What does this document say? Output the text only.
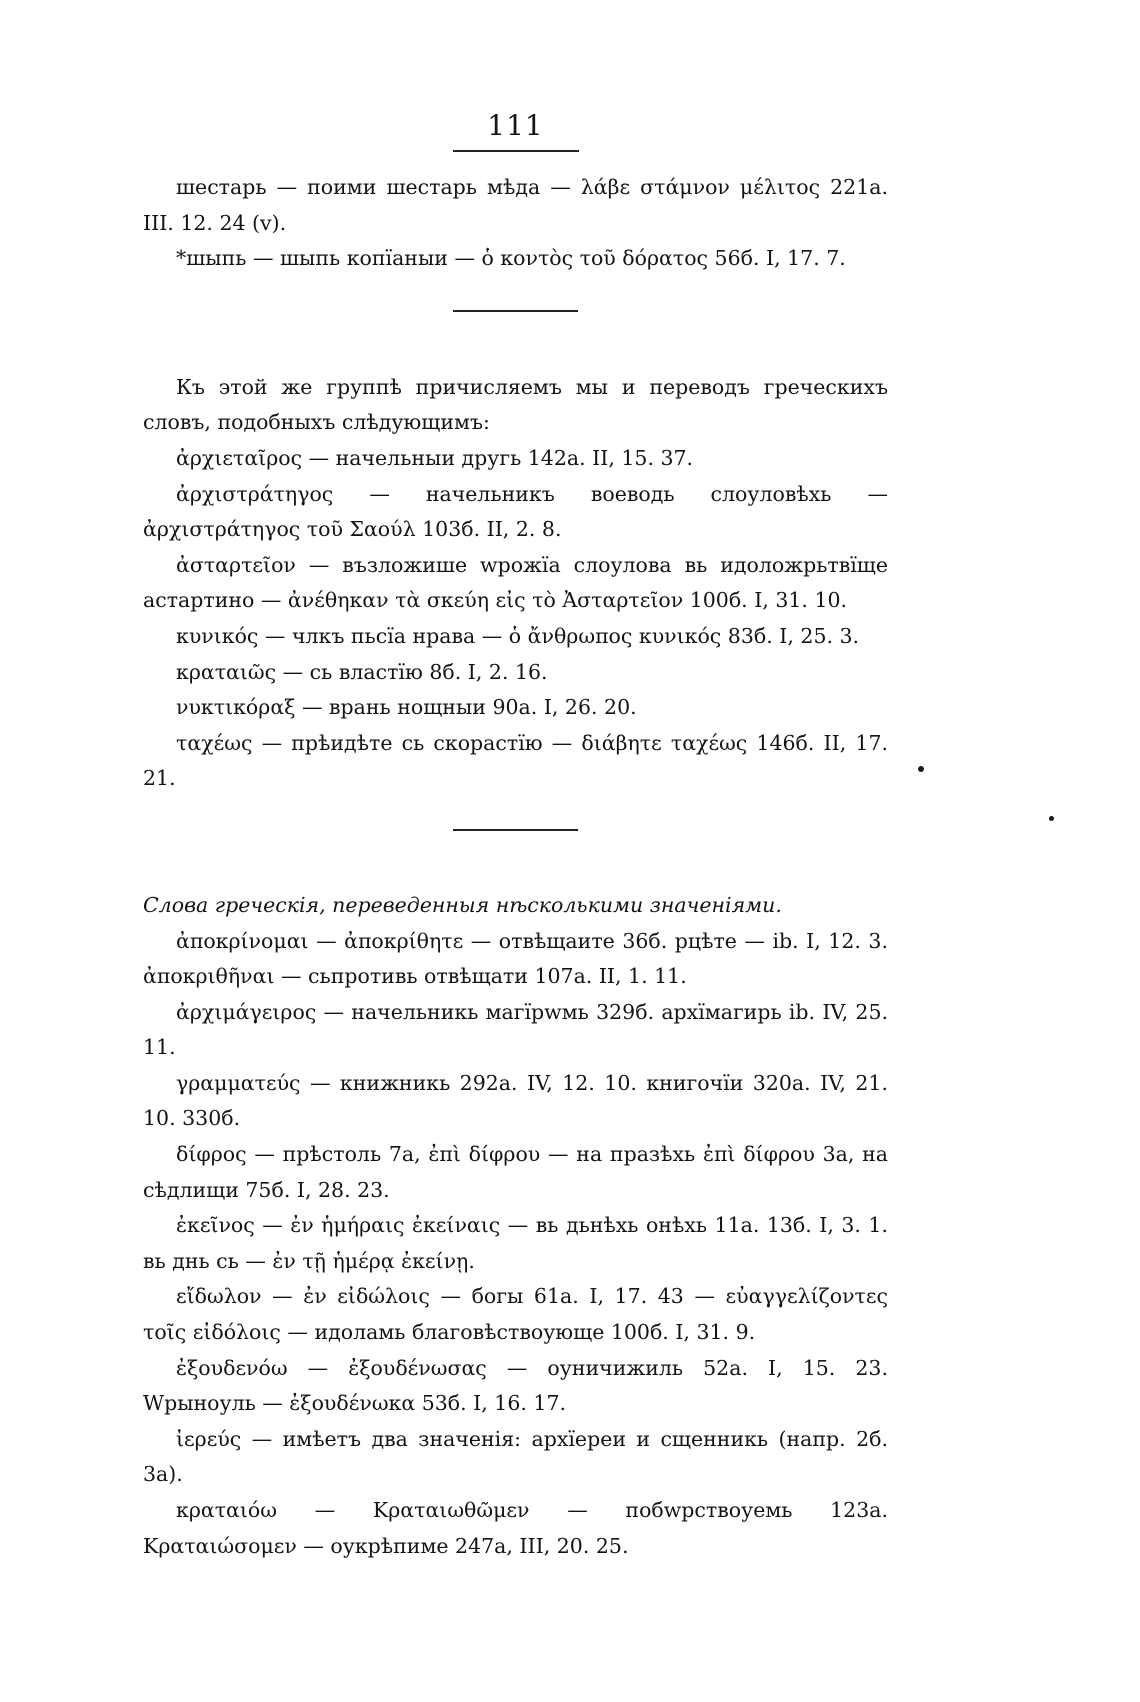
111

шестарь — поими шестарь мѣда — λάβε στάμνον μέλιτος 221а. III. 12. 24 (v).

*шыпь — шыпь копїаныи — ὁ κοντὸς τοῦ δόρατος 56б. I, 17. 7.

Къ этой же группѣ причисляемъ мы и переводъ греческихъ словъ, подобныхъ слѣдующимъ:

ἀρχιεταῖρος — начельныи другь 142а. II, 15. 37.

ἀρχιστράτηγος — начельникъ воеводь слоуловѣхь — ἀρχιστράτηγος τοῦ Σαούλ 103б. II, 2. 8.

ἀσταρτεῖον — възложише wрожїа слоулова вь идоложрьтвїще астартино — ἀνέθηκαν τὰ σκεύη εἰς τὸ Ἀσταρτεῖον 100б. I, 31. 10.

κυνικός — члкъ пьсїа нрава — ὁ ἄνθρωπος κυνικός 83б. I, 25. 3.

κραταιῶς — сь властїю 8б. I, 2. 16.

νυκτικόραξ — врань нощныи 90а. I, 26. 20.

ταχέως — прѣидѣте сь скорастїю — διάβητε ταχέως 146б. II, 17. 21.

Слова греческія, переведенныя нѣсколькими значеніями.

ἀποκρίνομαι — ἀποκρίθητε — отвѣщаите 36б. рцѣте — ib. I, 12. 3. ἀποκριθῆναι — сьпротивь отвѣщати 107а. II, 1. 11.

ἀρχιμάγειρος — начельникь магїрwмь 329б. архїмагирь ib. IV, 25. 11.

γραμματεύς — книжникь 292а. IV, 12. 10. книгочїи 320а. IV, 21. 10. 330б.

δίφρος — прѣстоль 7а, ἐπὶ δίφρου — на празѣхь ἐπὶ δίφρου 3а, на сѣдлищи 75б. I, 28. 23.

ἐκεῖνος — ἐν ἡμήραις ἐκείναις — вь дьнѣхь онѣхь 11а. 13б. I, 3. 1. вь днь сь — ἐν τῇ ἡμέρᾳ ἐκείνῃ.

εἴδωλον — ἐν εἰδώλοις — богы 61а. I, 17. 43 — εὐαγγελίζοντες τοῖς εἰδόλοις — идоламь благовѣствоующе 100б. I, 31. 9.

ἐξουδενόω — ἐξουδένωσας — оуничижиль 52а. I, 15. 23. Wрыноуль — ἐξουδένωκα 53б. I, 16. 17.

ἱερεύς — имѣетъ два значенія: архїереи и сщенникь (напр. 2б. 3а).

κραταιόω — Κραταιωθῶμεν — побwрствоуемь 123а. Κραταιώσομεν — оукрѣпиме 247а, III, 20. 25.
